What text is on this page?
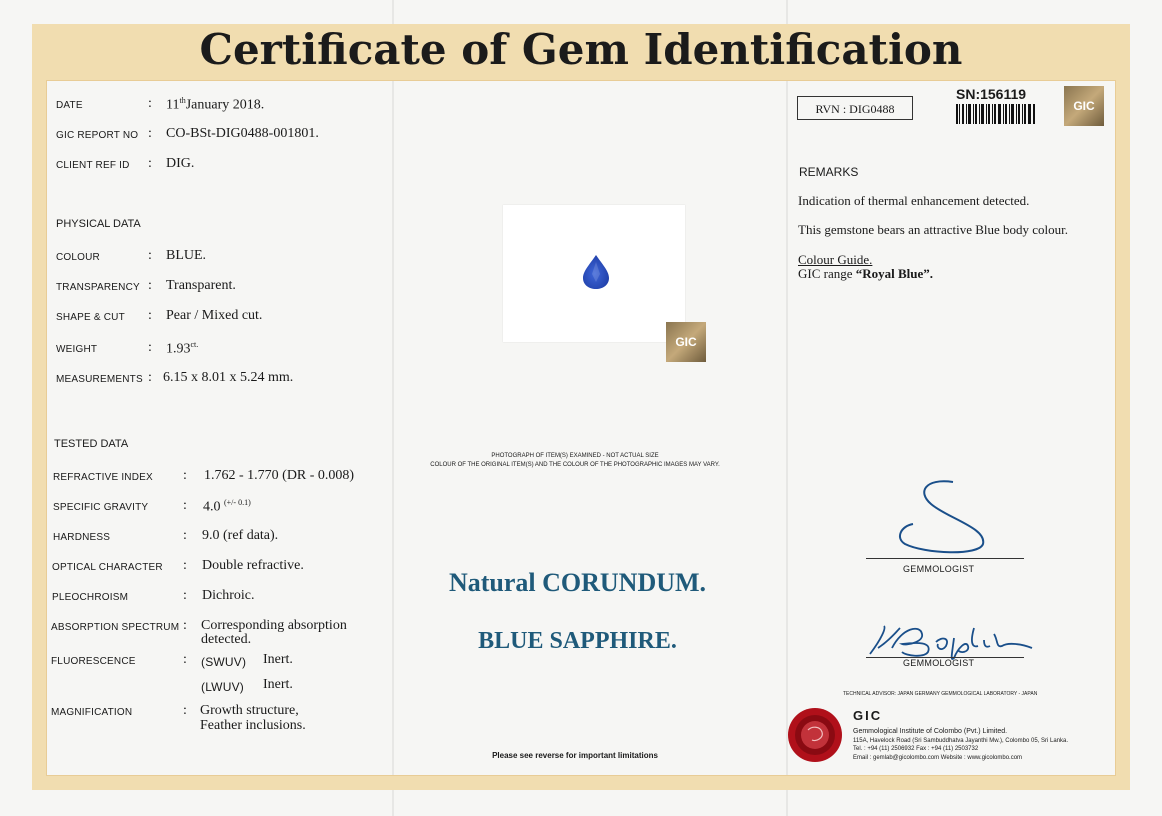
Certificate of Gem Identification
DATE	: 11thJanuary 2018.
GIC REPORT NO : CO-BSt-DIG0488-001801.
CLIENT REF ID : DIG.
PHYSICAL DATA
COLOUR	: BLUE.
TRANSPARENCY : Transparent.
SHAPE & CUT : Pear / Mixed cut.
WEIGHT	: $1.93^{ct.}$
MEASUREMENTS : 6.15 x 8.01 x 5.24 mm.
TESTED DATA
REFRACTIVE INDEX : 1.762 - 1.770 (DR - 0.008)
SPECIFIC GRAVITY : 4.0 $^{(+/- 0.1)}$
HARDNESS	: 9.0 (ref data).
OPTICAL CHARACTER : Double refractive.
PLEOCHROISM	: Dichroic.
ABSORPTION SPECTRUM : Corresponding absorption
detected.
FLUORESCENCE	: (SWUV) Inert.
(LWUV) Inert.
MAGNIFICATION	: Growth structure,
Feather inclusions.
GIC
PHOTOGRAPH OF ITEM(S) EXAMINED - NOT ACTUAL SIZE
COLOUR OF THE ORIGINAL ITEM(S) AND THE COLOUR OF THE PHOTOGRAPHIC IMAGES MAY VARY.
Natural CORUNDUM.
BLUE SAPPHIRE.
Please see reverse for important limitations
RVN : DIG0488
SN:156119
GIC
REMARKS
Indication of thermal enhancement detected.
This gemstone bears an attractive Blue body colour.
Colour Guide.
GIC range “Royal Blue”.
GEMMOLOGIST
GEMMOLOGIST
TECHNICAL ADVISOR: JAPAN GERMANY GEMMOLOGICAL LABORATORY - JAPAN
GIC
Gemmological Institute of Colombo (Pvt.) Limited.
115A, Havelock Road (Sri Sambuddhatva Jayanthi Mw.), Colombo 05, Sri Lanka.
Tel. : +94 (11) 2506932 Fax : +94 (11) 2503732
Email : gemlab@gicolombo.com Website : www.gicolombo.com
